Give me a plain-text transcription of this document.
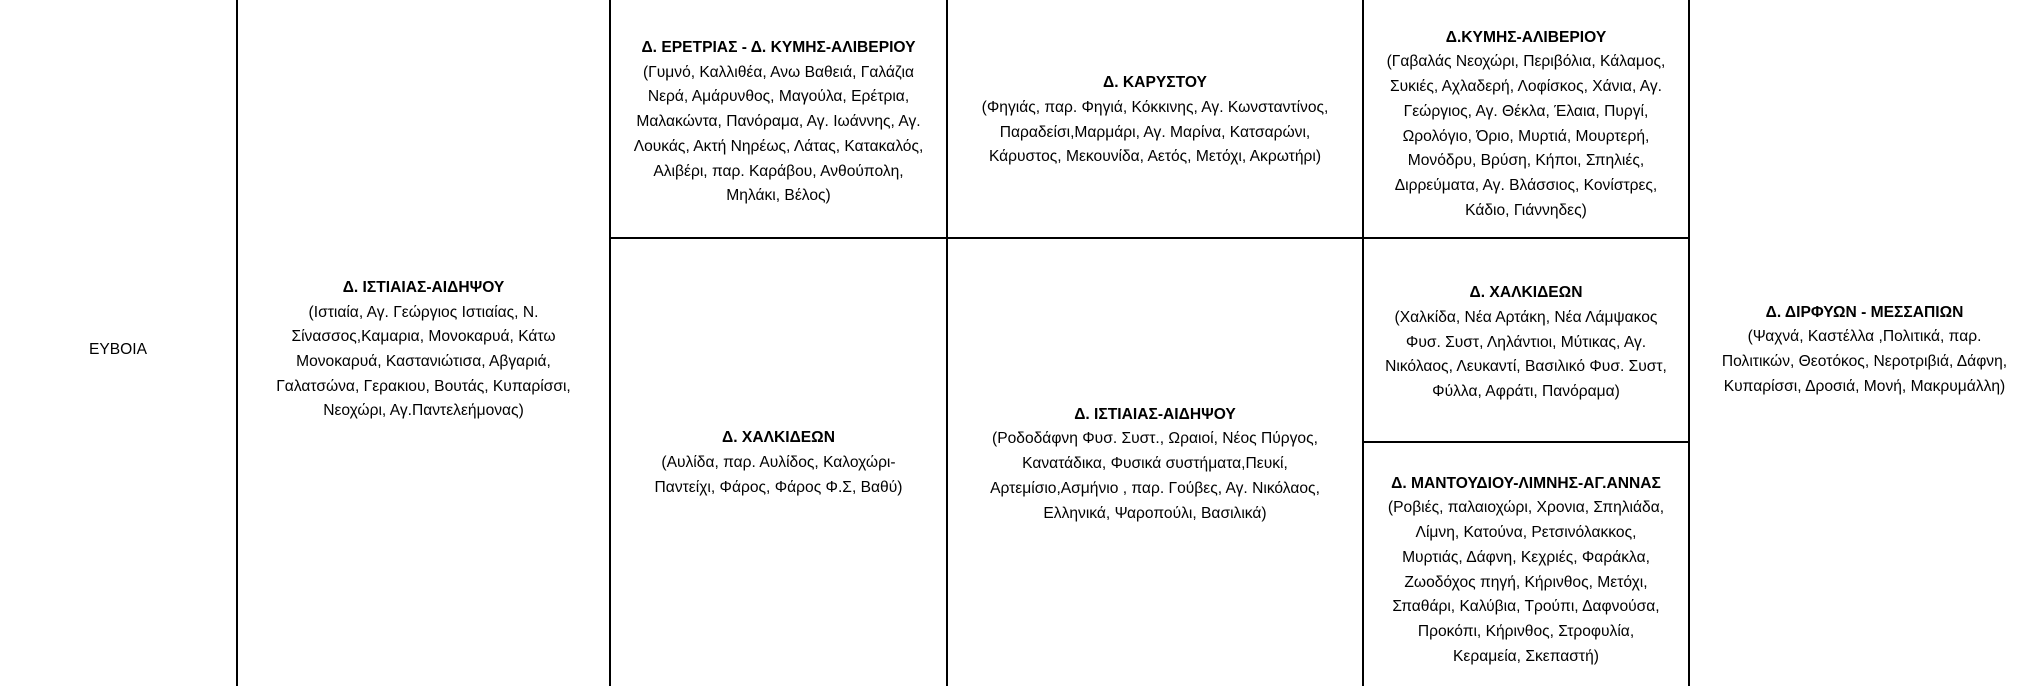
ΕΥΒΟΙΑ
Δ. ΙΣΤΙΑΙΑΣ-ΑΙΔΗΨΟΥ
(Ιστιαία, Αγ. Γεώργιος Ιστιαίας, Ν.
Σίνασσος,Καμαρια, Μονοκαρυά, Κάτω
Μονοκαρυά, Καστανιώτισα, Αβγαριά,
Γαλατσώνα, Γερακιου, Βουτάς, Κυπαρίσσι,
Νεοχώρι, Αγ.Παντελεήμονας)
Δ. ΕΡΕΤΡΙΑΣ - Δ. ΚΥΜΗΣ-ΑΛΙΒΕΡΙΟΥ
(Γυμνό, Καλλιθέα, Ανω Βαθειά, Γαλάζια
Νερά, Αμάρυνθος, Μαγούλα, Ερέτρια,
Μαλακώντα, Πανόραμα, Αγ. Ιωάννης, Αγ.
Λουκάς, Ακτή Νηρέως, Λάτας, Κατακαλός,
Αλιβέρι, παρ. Καράβου, Ανθούπολη,
Μηλάκι, Βέλος)
Δ. ΧΑΛΚΙΔΕΩΝ
(Αυλίδα, παρ. Αυλίδος, Καλοχώρι-
Παντείχι, Φάρος, Φάρος Φ.Σ, Βαθύ)
Δ. ΚΑΡΥΣΤΟΥ
(Φηγιάς, παρ. Φηγιά, Κόκκινης, Αγ. Κωνσταντίνος,
Παραδείσι,Μαρμάρι, Αγ. Μαρίνα, Κατσαρώνι,
Κάρυστος, Μεκουνίδα, Αετός, Μετόχι, Ακρωτήρι)
Δ. ΙΣΤΙΑΙΑΣ-ΑΙΔΗΨΟΥ
(Ροδοδάφνη Φυσ. Συστ., Ωραιοί, Νέος Πύργος,
Κανατάδικα, Φυσικά συστήματα,Πευκί,
Αρτεμίσιο,Ασμήνιο , παρ. Γούβες, Αγ. Νικόλαος,
Ελληνικά, Ψαροπούλι, Βασιλικά)
Δ.ΚΥΜΗΣ-ΑΛΙΒΕΡΙΟΥ
(Γαβαλάς Νεοχώρι, Περιβόλια, Κάλαμος,
Συκιές, Αχλαδερή, Λοφίσκος, Χάνια, Αγ.
Γεώργιος, Αγ. Θέκλα, Έλαια, Πυργί,
Ωρολόγιο, Όριο, Μυρτιά, Μουρτερή,
Μονόδρυ, Βρύση, Κήποι, Σπηλιές,
Διρρεύματα, Αγ. Βλάσσιος, Κονίστρες,
Κάδιο, Γιάννηδες)
Δ. ΧΑΛΚΙΔΕΩΝ
(Χαλκίδα, Νέα Αρτάκη, Νέα Λάμψακος
Φυσ. Συστ, Ληλάντιοι, Μύτικας, Αγ.
Νικόλαος, Λευκαντί, Βασιλικό Φυσ. Συστ,
Φύλλα, Αφράτι, Πανόραμα)
Δ. ΜΑΝΤΟΥΔΙΟΥ-ΛΙΜΝΗΣ-ΑΓ.ΑΝΝΑΣ
(Ροβιές, παλαιοχώρι, Χρονια, Σπηλιάδα,
Λίμνη, Κατούνα, Ρετσινόλακκος,
Μυρτιάς, Δάφνη, Κεχριές, Φαράκλα,
Ζωοδόχος πηγή, Κήρινθος, Μετόχι,
Σπαθάρι, Καλύβια, Τρούπι, Δαφνούσα,
Προκόπι, Κήρινθος, Στροφυλία,
Κεραμεία, Σκεπαστή)
Δ. ΔΙΡΦΥΩΝ - ΜΕΣΣΑΠΙΩΝ
(Ψαχνά, Καστέλλα ,Πολιτικά, παρ.
Πολιτικών, Θεοτόκος, Νεροτριβιά, Δάφνη,
Κυπαρίσσι, Δροσιά, Μονή, Μακρυμάλλη)
